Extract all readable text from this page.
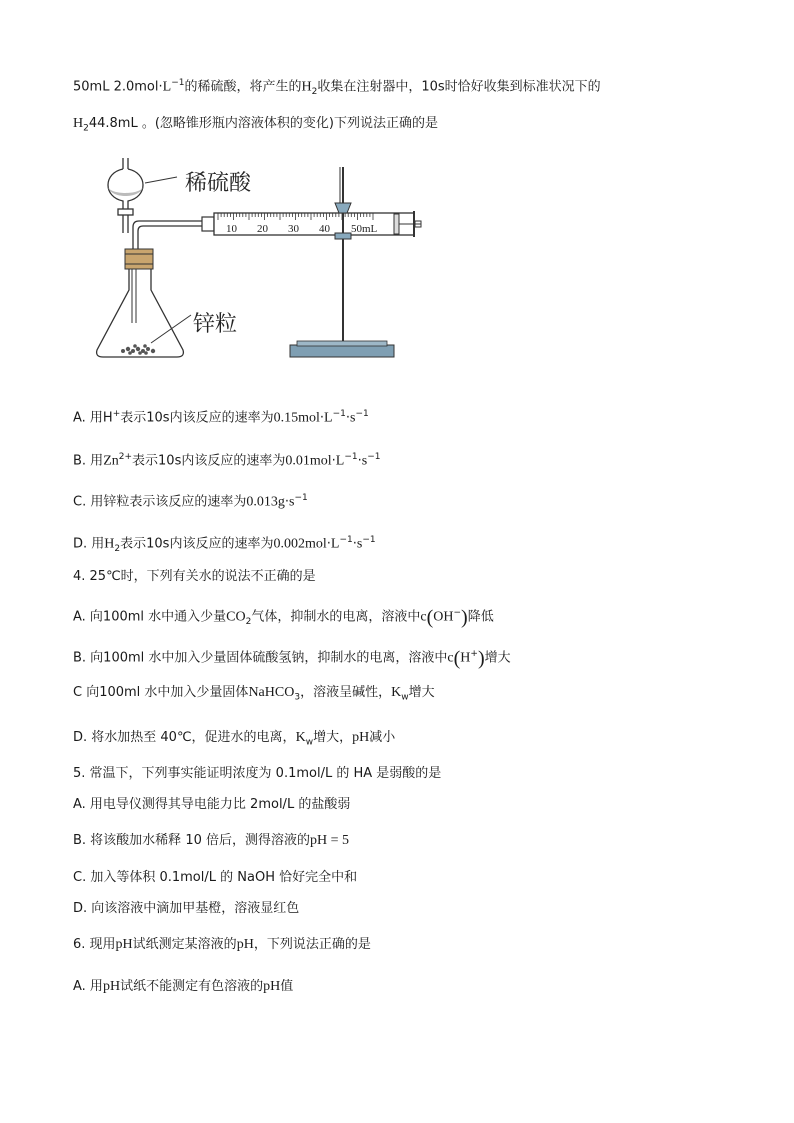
50mL $2.0mol\cdot L^{-1}$的稀硫酸，将产生的$H_2$收集在注射器中，10s时恰好收集到标准状况下的
$H_244.8mL$ 。(忽略锥形瓶内溶液体积的变化)下列说法正确的是
稀硫酸
锌粒
10 20 30 40 50mL
A. 用H+表示10s内该反应的速率为$0.15mol\cdot L^{-1}\cdot s^{-1}$
B. 用$Zn^{2+}$表示10s内该反应的速率为$0.01mol\cdot L^{-1}\cdot s^{-1}$
C. 用锌粒表示该反应的速率为$0.013g\cdot s^{-1}$
D. 用$H_2$表示10s内该反应的速率为$0.002mol\cdot L^{-1}\cdot s^{-1}$
4. 25℃时，下列有关水的说法不正确的是
A. 向100ml 水中通入少量$CO_2$气体，抑制水的电离，溶液中c(OH−)降低
B. 向100ml 水中加入少量固体硫酸氢钠，抑制水的电离，溶液中c(H+)增大
C 向100ml 水中加入少量固体NaHCO$_3$，溶液呈碱性，$K_w$增大
D. 将水加热至 40℃，促进水的电离，$K_w$增大，pH减小
5. 常温下，下列事实能证明浓度为 0.1mol/L 的 HA 是弱酸的是
A. 用电导仪测得其导电能力比 2mol/L 的盐酸弱
B. 将该酸加水稀释 10 倍后，测得溶液的pH = 5
C. 加入等体积 0.1mol/L 的 NaOH 恰好完全中和
D. 向该溶液中滴加甲基橙，溶液显红色
6. 现用pH试纸测定某溶液的pH，下列说法正确的是
A. 用pH试纸不能测定有色溶液的pH值
